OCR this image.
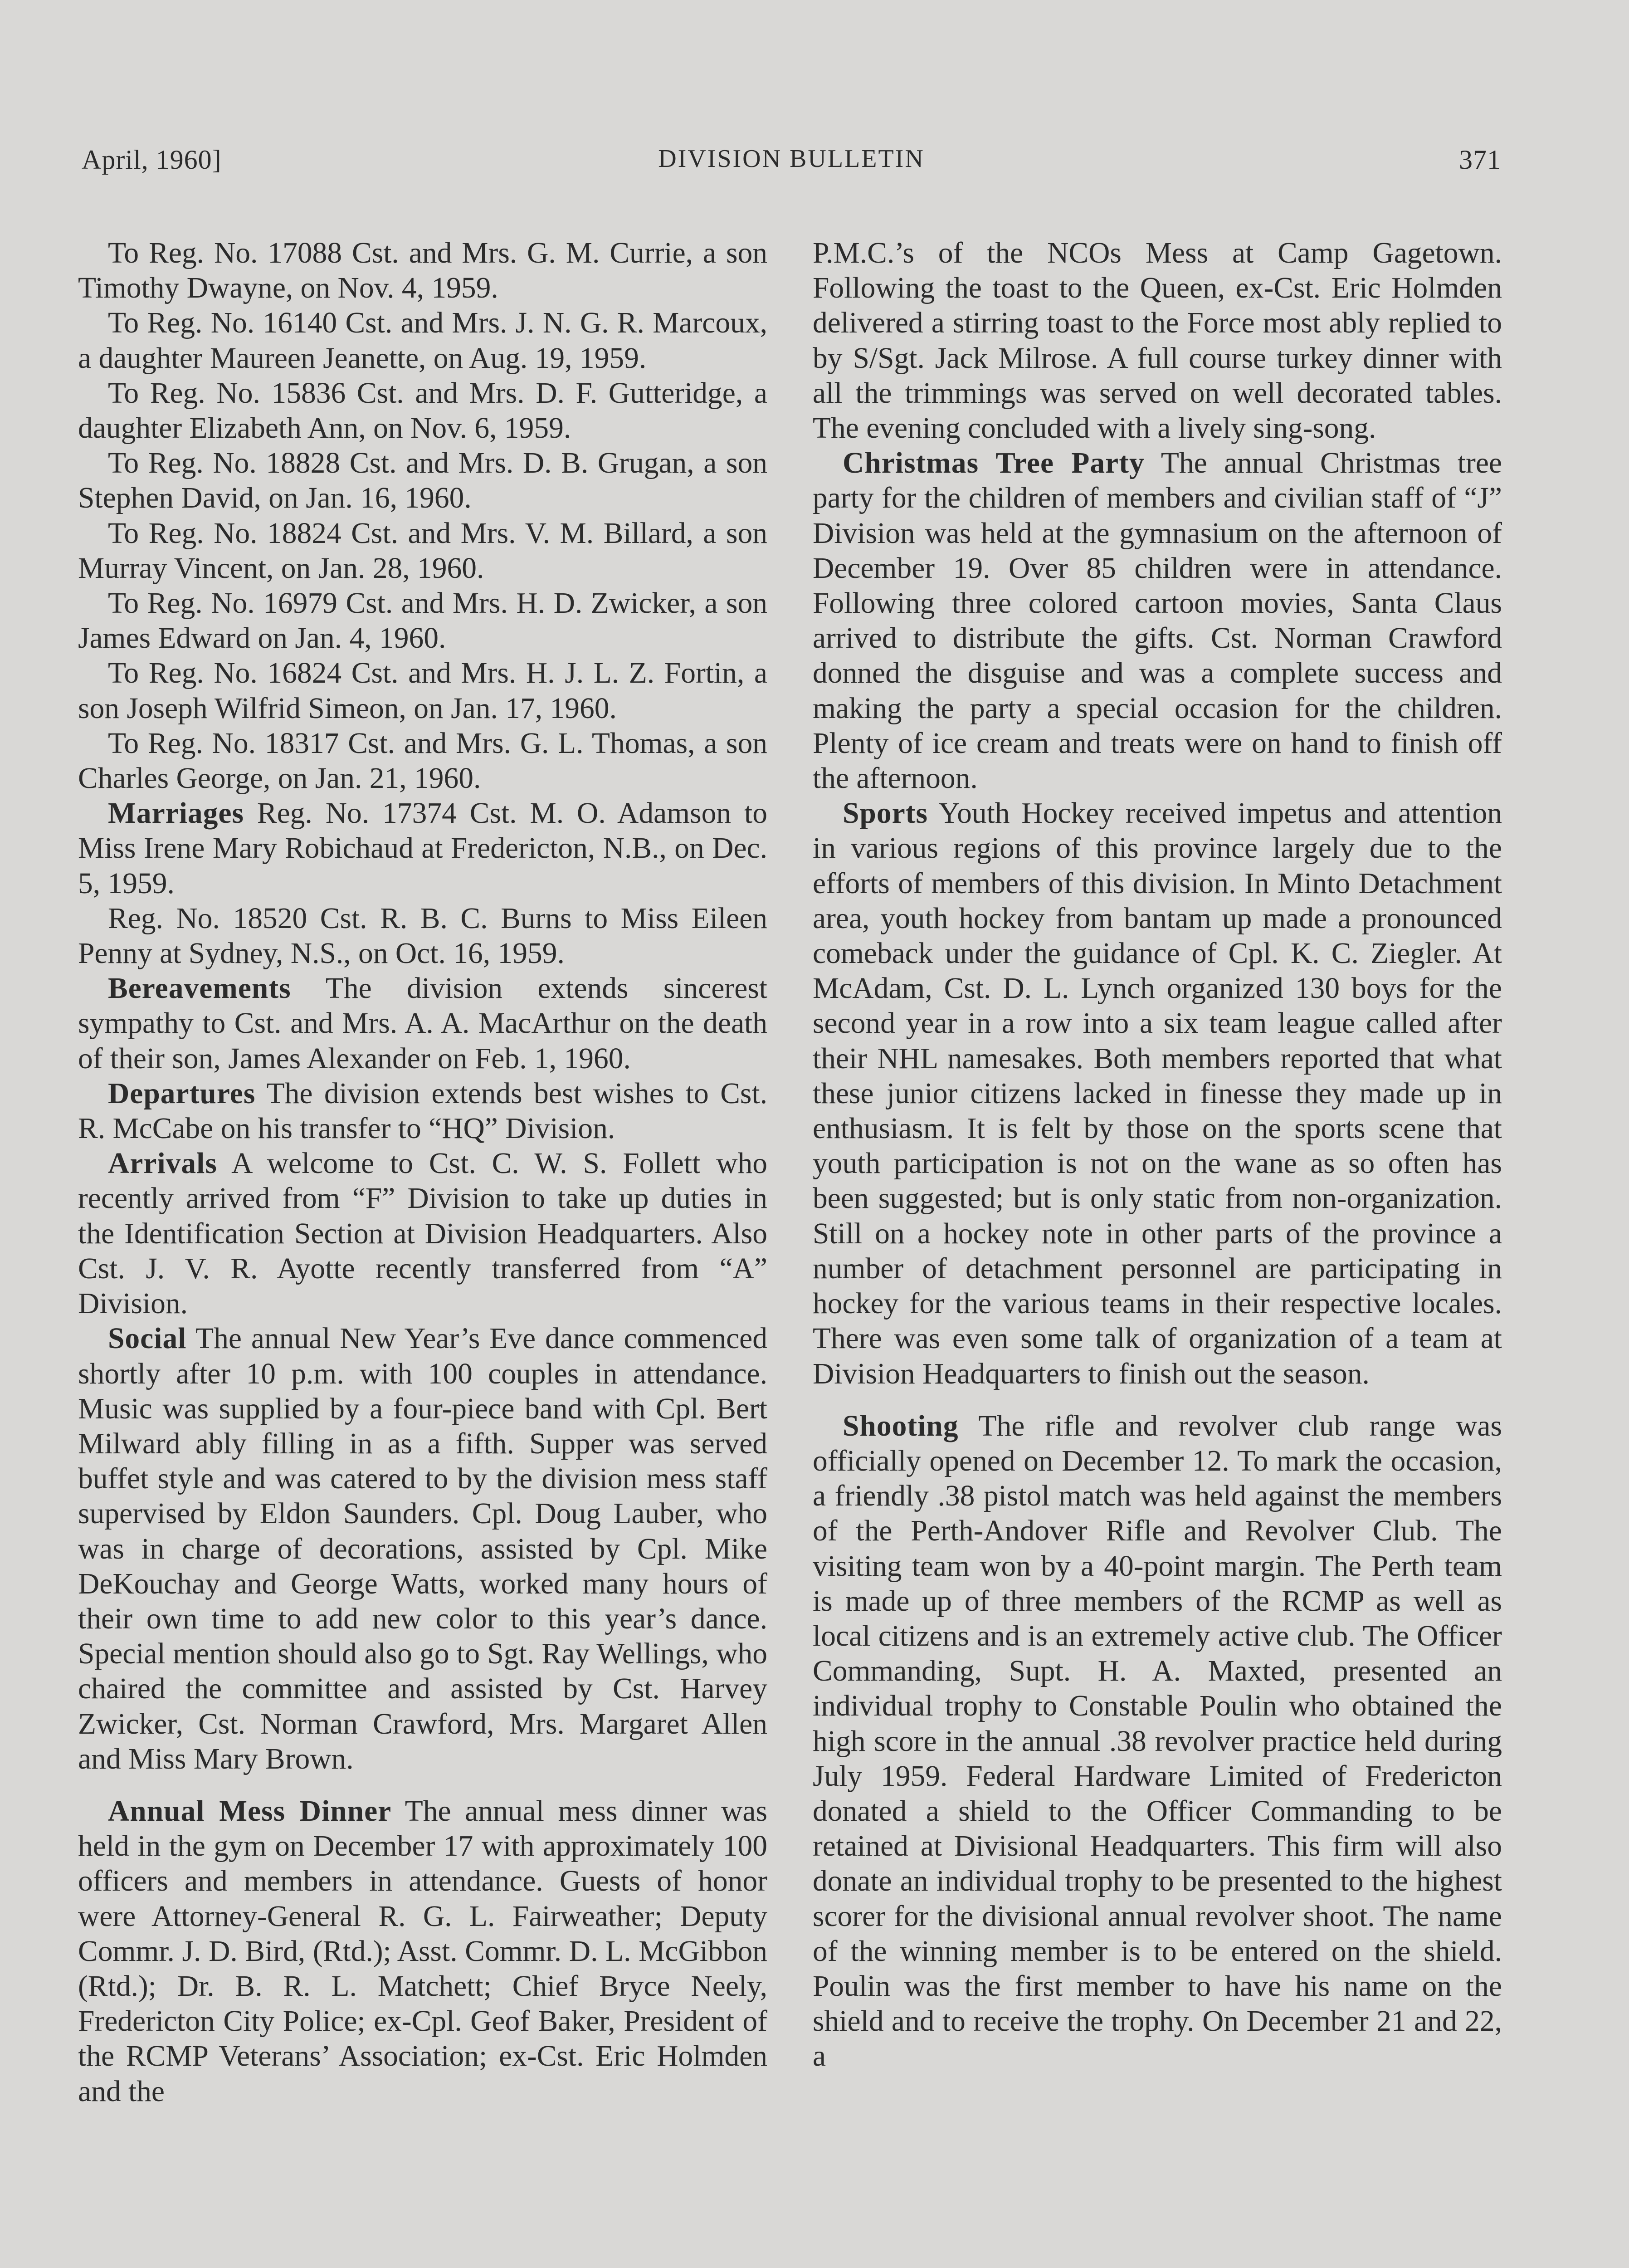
April, 1960]	DIVISION BULLETIN	371

To Reg. No. 17088 Cst. and Mrs. G. M. Currie, a son Timothy Dwayne, on Nov. 4, 1959.

To Reg. No. 16140 Cst. and Mrs. J. N. G. R. Marcoux, a daughter Maureen Jeanette, on Aug. 19, 1959.

To Reg. No. 15836 Cst. and Mrs. D. F. Gutteridge, a daughter Elizabeth Ann, on Nov. 6, 1959.

To Reg. No. 18828 Cst. and Mrs. D. B. Grugan, a son Stephen David, on Jan. 16, 1960.

To Reg. No. 18824 Cst. and Mrs. V. M. Billard, a son Murray Vincent, on Jan. 28, 1960.

To Reg. No. 16979 Cst. and Mrs. H. D. Zwicker, a son James Edward on Jan. 4, 1960.

To Reg. No. 16824 Cst. and Mrs. H. J. L. Z. Fortin, a son Joseph Wilfrid Simeon, on Jan. 17, 1960.

To Reg. No. 18317 Cst. and Mrs. G. L. Thomas, a son Charles George, on Jan. 21, 1960.

Marriages Reg. No. 17374 Cst. M. O. Adamson to Miss Irene Mary Robichaud at Fredericton, N.B., on Dec. 5, 1959.

Reg. No. 18520 Cst. R. B. C. Burns to Miss Eileen Penny at Sydney, N.S., on Oct. 16, 1959.

Bereavements The division extends sincerest sympathy to Cst. and Mrs. A. A. MacArthur on the death of their son, James Alexander on Feb. 1, 1960.

Departures The division extends best wishes to Cst. R. McCabe on his transfer to “HQ” Division.

Arrivals A welcome to Cst. C. W. S. Follett who recently arrived from “F” Division to take up duties in the Identification Section at Division Headquarters. Also Cst. J. V. R. Ayotte recently transferred from “A” Division.

Social The annual New Year’s Eve dance commenced shortly after 10 p.m. with 100 couples in attendance. Music was supplied by a four-piece band with Cpl. Bert Milward ably filling in as a fifth. Supper was served buffet style and was catered to by the division mess staff supervised by Eldon Saunders. Cpl. Doug Lauber, who was in charge of decorations, assisted by Cpl. Mike DeKouchay and George Watts, worked many hours of their own time to add new color to this year’s dance. Special mention should also go to Sgt. Ray Wellings, who chaired the committee and assisted by Cst. Harvey Zwicker, Cst. Norman Crawford, Mrs. Margaret Allen and Miss Mary Brown.

Annual Mess Dinner The annual mess dinner was held in the gym on December 17 with approximately 100 officers and members in attendance. Guests of honor were Attorney-General R. G. L. Fairweather; Deputy Commr. J. D. Bird, (Rtd.); Asst. Commr. D. L. McGibbon (Rtd.); Dr. B. R. L. Matchett; Chief Bryce Neely, Fredericton City Police; ex-Cpl. Geof Baker, President of the RCMP Veterans’ Association; ex-Cst. Eric Holmden and the

P.M.C.’s of the NCOs Mess at Camp Gagetown. Following the toast to the Queen, ex-Cst. Eric Holmden delivered a stirring toast to the Force most ably replied to by S/Sgt. Jack Milrose. A full course turkey dinner with all the trimmings was served on well decorated tables. The evening concluded with a lively sing-song.

Christmas Tree Party The annual Christmas tree party for the children of members and civilian staff of “J” Division was held at the gymnasium on the afternoon of December 19. Over 85 children were in attendance. Following three colored cartoon movies, Santa Claus arrived to distribute the gifts. Cst. Norman Crawford donned the disguise and was a complete success and making the party a special occasion for the children. Plenty of ice cream and treats were on hand to finish off the afternoon.

Sports Youth Hockey received impetus and attention in various regions of this province largely due to the efforts of members of this division. In Minto Detachment area, youth hockey from bantam up made a pronounced comeback under the guidance of Cpl. K. C. Ziegler. At McAdam, Cst. D. L. Lynch organized 130 boys for the second year in a row into a six team league called after their NHL namesakes. Both members reported that what these junior citizens lacked in finesse they made up in enthusiasm. It is felt by those on the sports scene that youth participation is not on the wane as so often has been suggested; but is only static from non-organization. Still on a hockey note in other parts of the province a number of detachment personnel are participating in hockey for the various teams in their respective locales. There was even some talk of organization of a team at Division Headquarters to finish out the season.

Shooting The rifle and revolver club range was officially opened on December 12. To mark the occasion, a friendly .38 pistol match was held against the members of the Perth-Andover Rifle and Revolver Club. The visiting team won by a 40-point margin. The Perth team is made up of three members of the RCMP as well as local citizens and is an extremely active club. The Officer Commanding, Supt. H. A. Maxted, presented an individual trophy to Constable Poulin who obtained the high score in the annual .38 revolver practice held during July 1959. Federal Hardware Limited of Fredericton donated a shield to the Officer Commanding to be retained at Divisional Headquarters. This firm will also donate an individual trophy to be presented to the highest scorer for the divisional annual revolver shoot. The name of the winning member is to be entered on the shield. Poulin was the first member to have his name on the shield and to receive the trophy. On December 21 and 22, a
